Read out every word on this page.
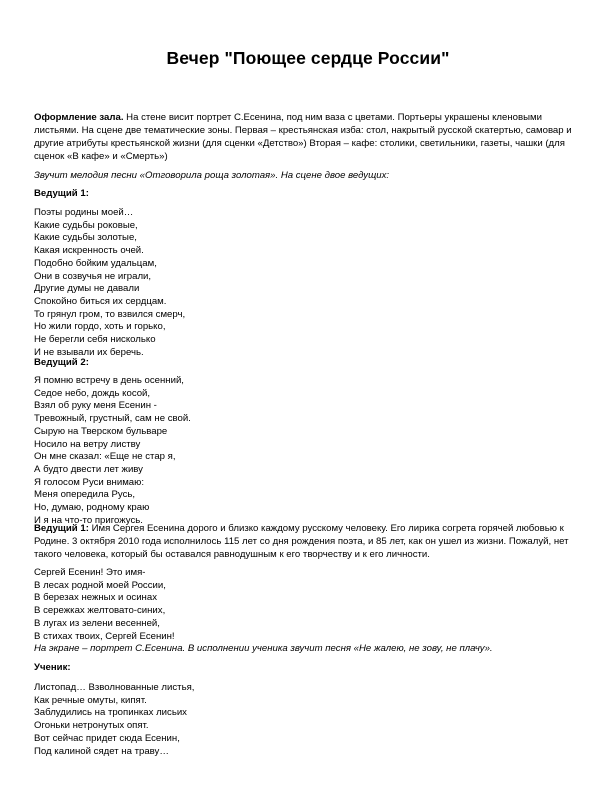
Вечер "Поющее сердце России"

Оформление зала. На стене висит портрет С.Есенина, под ним ваза с цветами. Портьеры украшены кленовыми листьями. На сцене две тематические зоны. Первая – крестьянская изба: стол, накрытый русской скатертью, самовар и другие атрибуты крестьянской жизни (для сценки «Детство») Вторая – кафе: столики, светильники, газеты, чашки (для сценок «В кафе» и «Смерть»)

Звучит мелодия песни «Отговорила роща золотая». На сцене двое ведущих:

Ведущий 1:

Поэты родины моей…
Какие судьбы роковые,
Какие судьбы золотые,
Какая искренность очей.
Подобно бойким удальцам,
Они в созвучья не играли,
Другие думы не давали
Спокойно биться их сердцам.
То грянул гром, то взвился смерч,
Но жили гордо, хоть и горько,
Не берегли себя нисколько
И не взывали их беречь.

Ведущий 2:

Я помню встречу в день осенний,
Седое небо, дождь косой,
Взял об руку меня Есенин -
Тревожный, грустный, сам не свой.
Сырую на Тверском бульваре
Носило на ветру листву
Он мне сказал: «Еще не стар я,
А будто двести лет живу
Я голосом Руси внимаю:
Меня опередила Русь,
Но, думаю, родному краю
И я на что-то пригожусь.

Ведущий 1: Имя Сергея Есенина дорого и близко каждому русскому человеку. Его лирика согрета горячей любовью к Родине. 3 октября 2010 года исполнилось 115 лет со дня рождения поэта, и 85 лет, как он ушел из жизни. Пожалуй, нет такого человека, который бы оставался равнодушным к его творчеству и к его личности.

Сергей Есенин! Это имя-
В лесах родной моей России,
В березах нежных и осинах
В сережках желтовато-синих,
В лугах из зелени весенней,
В стихах твоих, Сергей Есенин!

На экране – портрет С.Есенина. В исполнении ученика звучит песня «Не жалею, не зову, не плачу».

Ученик:

Листопад… Взволнованные листья,
Как речные омуты, кипят.
Заблудились на тропинках лисьих
Огоньки нетронутых опят.
Вот сейчас придет сюда Есенин,
Под калиной сядет на траву…
